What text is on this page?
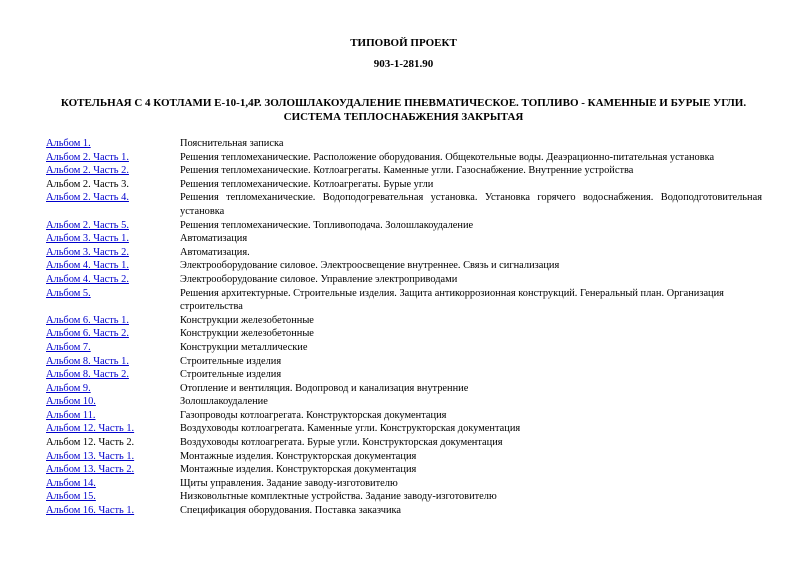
ТИПОВОЙ ПРОЕКТ
903-1-281.90
КОТЕЛЬНАЯ С 4 КОТЛАМИ Е-10-1,4Р. ЗОЛОШЛАКОУДАЛЕНИЕ ПНЕВМАТИЧЕСКОЕ. ТОПЛИВО - КАМЕННЫЕ И БУРЫЕ УГЛИ.
СИСТЕМА ТЕПЛОСНАБЖЕНИЯ ЗАКРЫТАЯ
Альбом 1.	Пояснительная записка
Альбом 2. Часть 1.	Решения тепломеханические. Расположение оборудования. Общекотельные воды. Деаэрационно-питательная установка
Альбом 2. Часть 2.	Решения тепломеханические. Котлоагрегаты. Каменные угли. Газоснабжение. Внутренние устройства
Альбом 2. Часть 3.	Решения тепломеханические. Котлоагрегаты. Бурые угли
Альбом 2. Часть 4.	Решения тепломеханические. Водоподогревательная установка. Установка горячего водоснабжения. Водоподготовительная установка
Альбом 2. Часть 5.	Решения тепломеханические. Топливоподача. Золошлакоудаление
Альбом 3. Часть 1.	Автоматизация
Альбом 3. Часть 2.	Автоматизация.
Альбом 4. Часть 1.	Электрооборудование силовое. Электроосвещение внутреннее. Связь и сигнализация
Альбом 4. Часть 2.	Электрооборудование силовое. Управление электроприводами
Альбом 5.	Решения архитектурные. Строительные изделия. Защита антикоррозионная конструкций. Генеральный план. Организация строительства
Альбом 6. Часть 1.	Конструкции железобетонные
Альбом 6. Часть 2.	Конструкции железобетонные
Альбом 7.	Конструкции металлические
Альбом 8. Часть 1.	Строительные изделия
Альбом 8. Часть 2.	Строительные изделия
Альбом 9.	Отопление и вентиляция. Водопровод и канализация внутренние
Альбом 10.	Золошлакоудаление
Альбом 11.	Газопроводы котлоагрегата. Конструкторская документация
Альбом 12. Часть 1.	Воздуховоды котлоагрегата. Каменные угли. Конструкторская документация
Альбом 12. Часть 2.	Воздуховоды котлоагрегата. Бурые угли. Конструкторская документация
Альбом 13. Часть 1.	Монтажные изделия. Конструкторская документация
Альбом 13. Часть 2.	Монтажные изделия. Конструкторская документация
Альбом 14.	Щиты управления. Задание заводу-изготовителю
Альбом 15.	Низковольтные комплектные устройства. Задание заводу-изготовителю
Альбом 16. Часть 1.	Спецификация оборудования. Поставка заказчика
